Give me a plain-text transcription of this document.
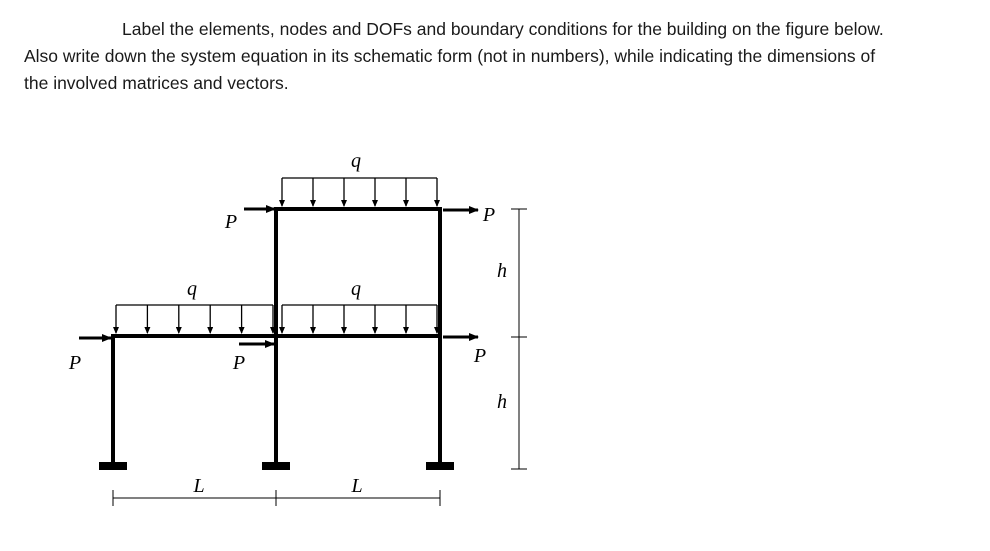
Label the elements, nodes and DOFs and boundary conditions for the building on the figure below.
Also write down the system equation in its schematic form (not in numbers), while indicating the dimensions of
the involved matrices and vectors.

q
q	q
P	P
P	P	P
h
h
L	L
